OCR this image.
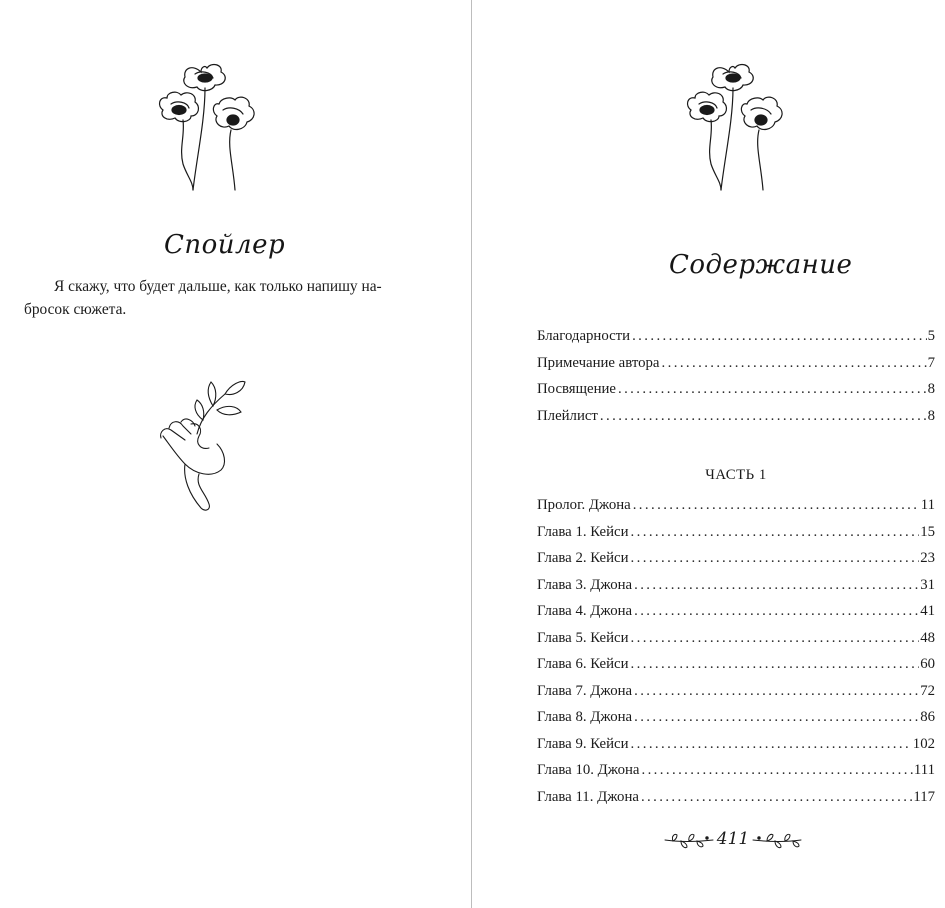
Спойлер

Я скажу, что будет дальше, как только напишу на-

бросок сюжета.

Содержание
Благодарности .....	5
Примечание автора .....	7
Посвящение .....	8
Плейлист .....	8
ЧАСТЬ 1
Пролог. Джона .....	11
Глава 1. Кейси .....	15
Глава 2. Кейси .....	23
Глава 3. Джона .....	31
Глава 4. Джона .....	41
Глава 5. Кейси .....	48
Глава 6. Кейси .....	60
Глава 7. Джона .....	72
Глава 8. Джона .....	86
Глава 9. Кейси .....	102
Глава 10. Джона .....	111
Глава 11. Джона .....	117
411
